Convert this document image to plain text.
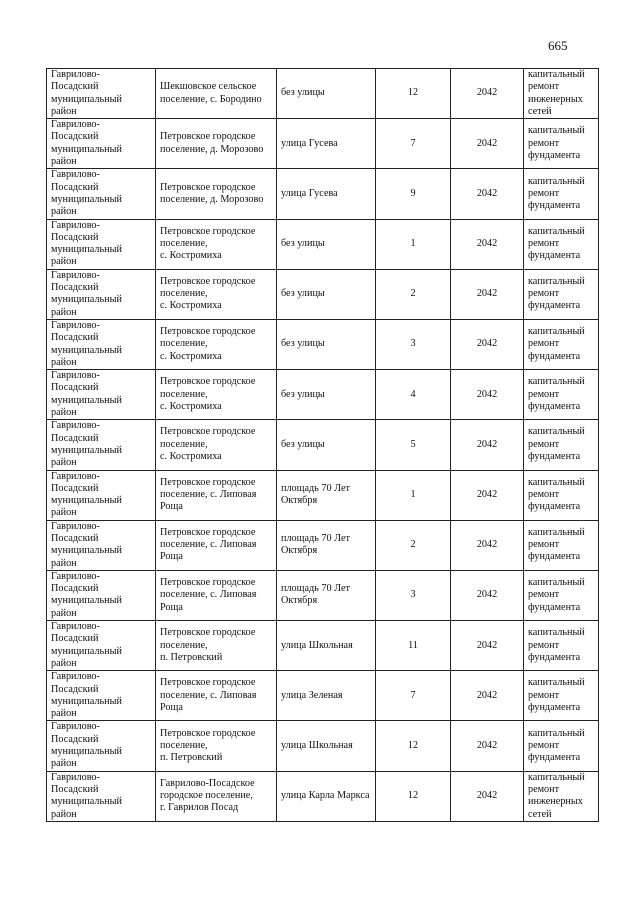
665
Гаврилово-
Посадский
муниципальный
район	Шекшовское сельское
поселение, с. Бородино	без улицы	12	2042	капитальный
ремонт
инженерных
сетей

Гаврилово-
Посадский
муниципальный
район	Петровское городское
поселение, д. Морозово	улица Гусева	7	2042	капитальный
ремонт
фундамента

Гаврилово-
Посадский
муниципальный
район	Петровское городское
поселение, д. Морозово	улица Гусева	9	2042	капитальный
ремонт
фундамента

Гаврилово-
Посадский
муниципальный
район	Петровское городское
поселение,
с. Костромиха	без улицы	1	2042	капитальный
ремонт
фундамента

Гаврилово-
Посадский
муниципальный
район	Петровское городское
поселение,
с. Костромиха	без улицы	2	2042	капитальный
ремонт
фундамента

Гаврилово-
Посадский
муниципальный
район	Петровское городское
поселение,
с. Костромиха	без улицы	3	2042	капитальный
ремонт
фундамента

Гаврилово-
Посадский
муниципальный
район	Петровское городское
поселение,
с. Костромиха	без улицы	4	2042	капитальный
ремонт
фундамента

Гаврилово-
Посадский
муниципальный
район	Петровское городское
поселение,
с. Костромиха	без улицы	5	2042	капитальный
ремонт
фундамента

Гаврилово-
Посадский
муниципальный
район	Петровское городское
поселение, с. Липовая
Роща	площадь 70 Лет
Октября	1	2042	капитальный
ремонт
фундамента

Гаврилово-
Посадский
муниципальный
район	Петровское городское
поселение, с. Липовая
Роща	площадь 70 Лет
Октября	2	2042	капитальный
ремонт
фундамента

Гаврилово-
Посадский
муниципальный
район	Петровское городское
поселение, с. Липовая
Роща	площадь 70 Лет
Октября	3	2042	капитальный
ремонт
фундамента

Гаврилово-
Посадский
муниципальный
район	Петровское городское
поселение,
п. Петровский	улица Школьная	11	2042	капитальный
ремонт
фундамента

Гаврилово-
Посадский
муниципальный
район	Петровское городское
поселение, с. Липовая
Роща	улица Зеленая	7	2042	капитальный
ремонт
фундамента

Гаврилово-
Посадский
муниципальный
район	Петровское городское
поселение,
п. Петровский	улица Школьная	12	2042	капитальный
ремонт
фундамента

Гаврилово-
Посадский
муниципальный
район	Гаврилово-Посадское
городское поселение,
г. Гаврилов Посад	улица Карла Маркса	12	2042	капитальный
ремонт
инженерных
сетей
